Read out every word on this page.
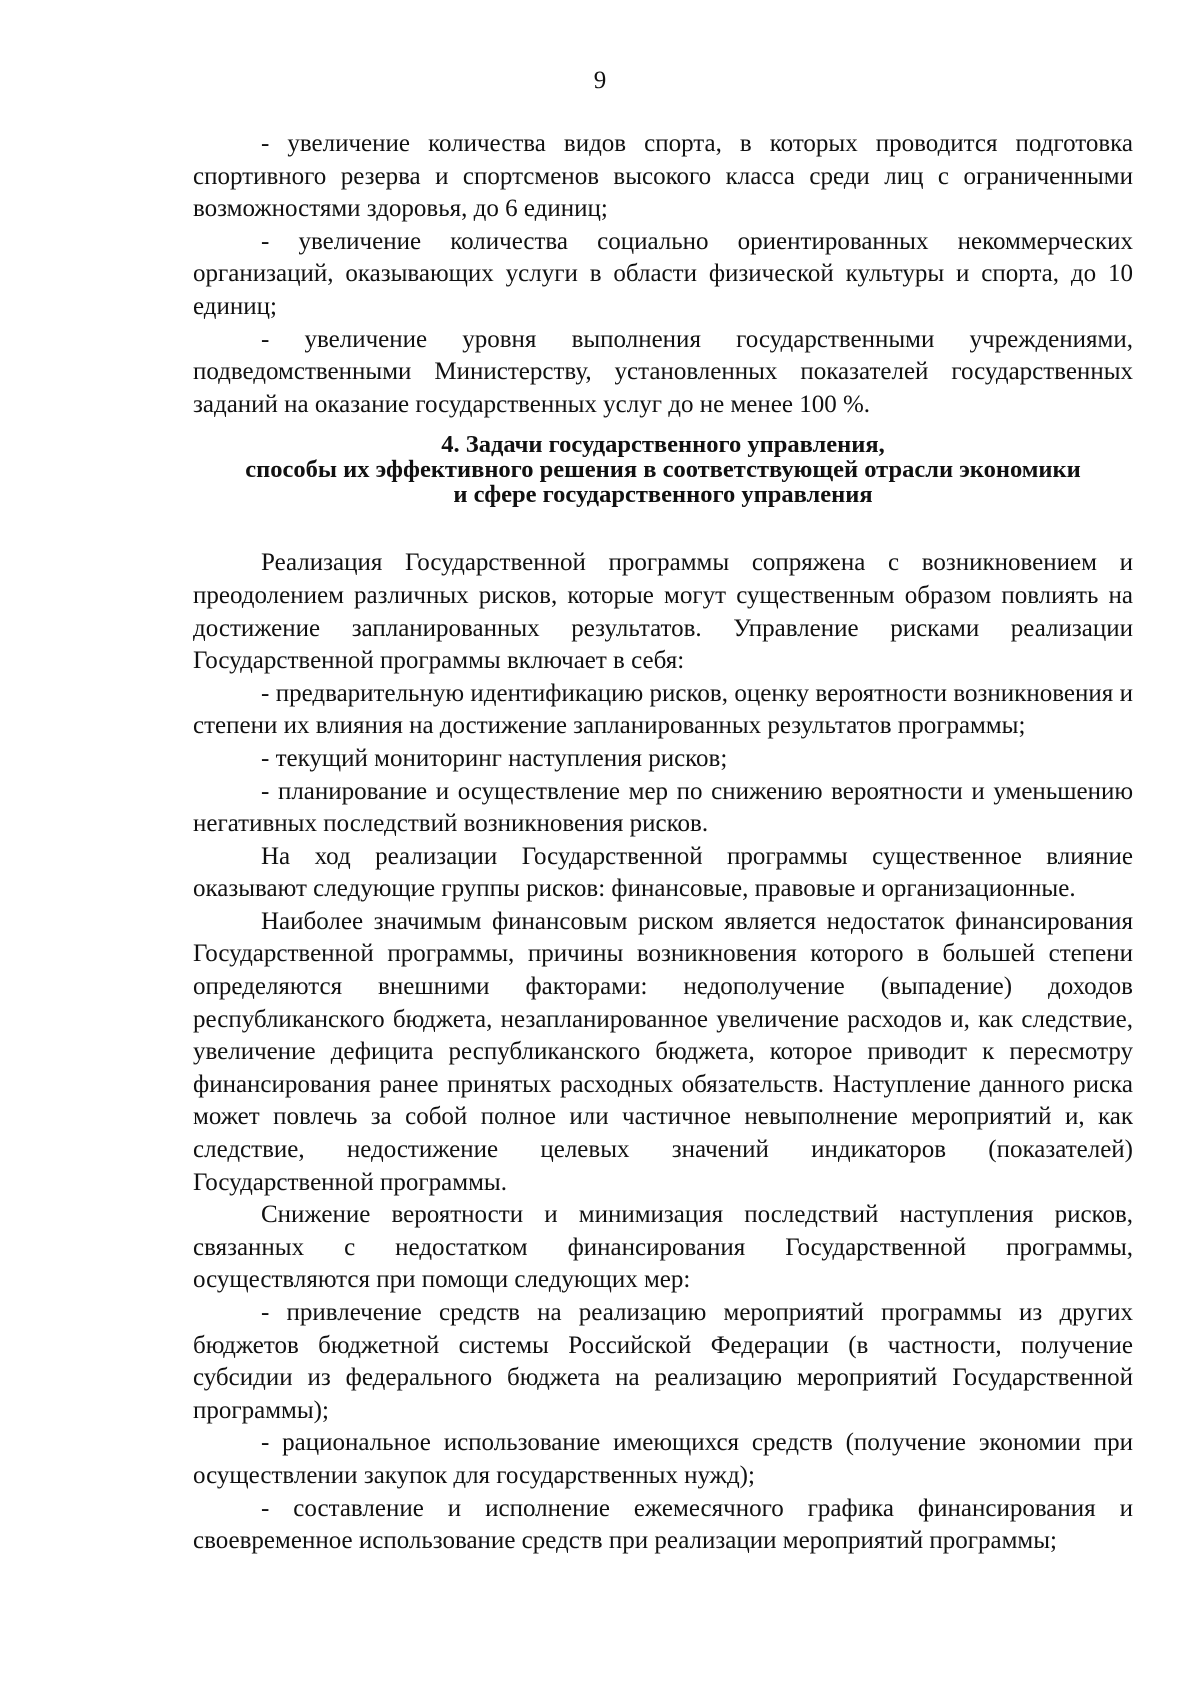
9

- увеличение количества видов спорта, в которых проводится подготовка спортивного резерва и спортсменов высокого класса среди лиц с ограниченными возможностями здоровья, до 6 единиц;

- увеличение количества социально ориентированных некоммерческих организаций, оказывающих услуги в области физической культуры и спорта, до 10 единиц;

- увеличение уровня выполнения государственными учреждениями, подведомственными Министерству, установленных показателей государственных заданий на оказание государственных услуг до не менее 100 %.

4. Задачи государственного управления,
способы их эффективного решения в соответствующей отрасли экономики
и сфере государственного управления

Реализация Государственной программы сопряжена с возникновением и преодолением различных рисков, которые могут существенным образом повлиять на достижение запланированных результатов. Управление рисками реализации Государственной программы включает в себя:

- предварительную идентификацию рисков, оценку вероятности возникновения и степени их влияния на достижение запланированных результатов программы;

- текущий мониторинг наступления рисков;

- планирование и осуществление мер по снижению вероятности и уменьшению негативных последствий возникновения рисков.

На ход реализации Государственной программы существенное влияние оказывают следующие группы рисков: финансовые, правовые и организационные.

Наиболее значимым финансовым риском является недостаток финансирования Государственной программы, причины возникновения которого в большей степени определяются внешними факторами: недополучение (выпадение) доходов республиканского бюджета, незапланированное увеличение расходов и, как следствие, увеличение дефицита республиканского бюджета, которое приводит к пересмотру финансирования ранее принятых расходных обязательств. Наступление данного риска может повлечь за собой полное или частичное невыполнение мероприятий и, как следствие, недостижение целевых значений индикаторов (показателей) Государственной программы.

Снижение вероятности и минимизация последствий наступления рисков, связанных с недостатком финансирования Государственной программы, осуществляются при помощи следующих мер:

- привлечение средств на реализацию мероприятий программы из других бюджетов бюджетной системы Российской Федерации (в частности, получение субсидии из федерального бюджета на реализацию мероприятий Государственной программы);

- рациональное использование имеющихся средств (получение экономии при осуществлении закупок для государственных нужд);

- составление и исполнение ежемесячного графика финансирования и своевременное использование средств при реализации мероприятий программы;
